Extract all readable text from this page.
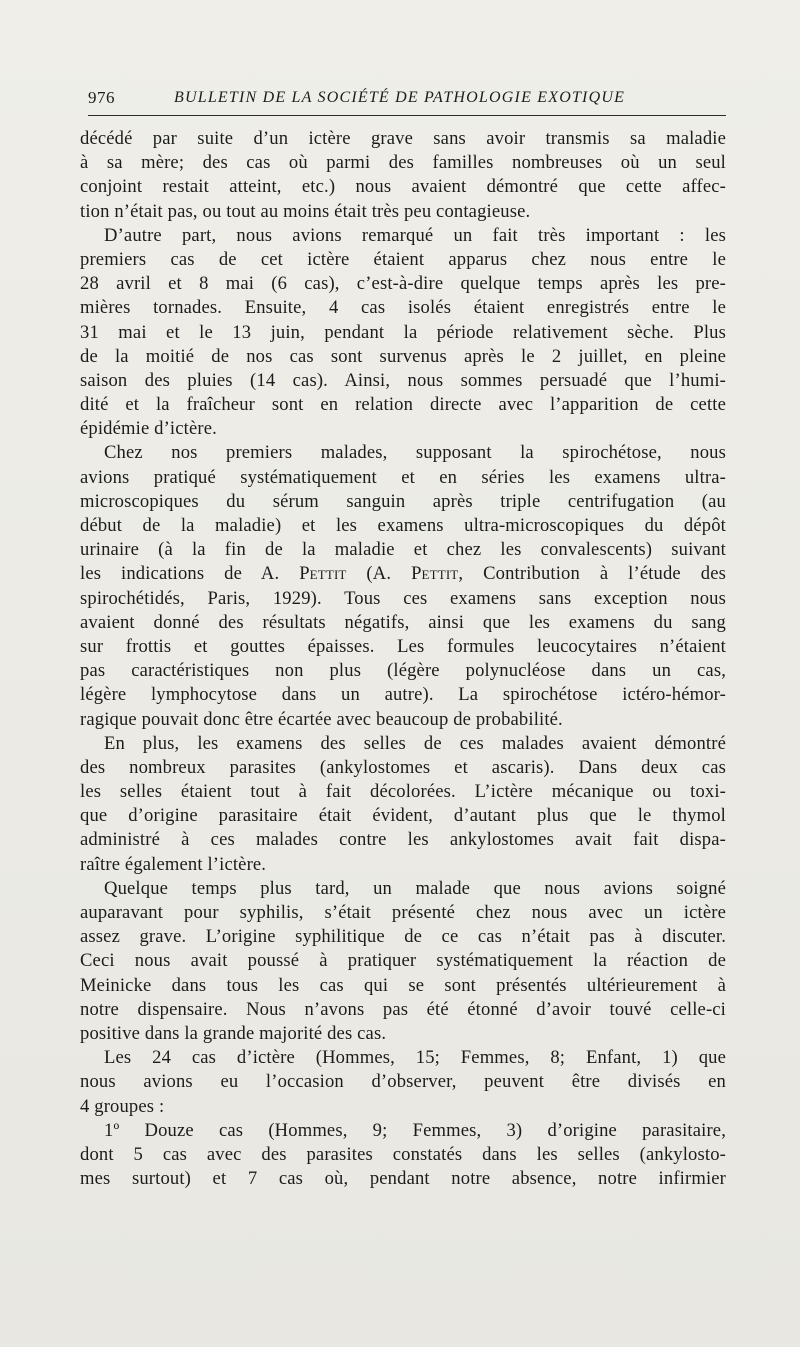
976	BULLETIN DE LA SOCIÉTÉ DE PATHOLOGIE EXOTIQUE
décédé par suite d’un ictère grave sans avoir transmis sa maladie
à sa mère; des cas où parmi des familles nombreuses où un seul
conjoint restait atteint, etc.) nous avaient démontré que cette affec-
tion n’était pas, ou tout au moins était très peu contagieuse.
D’autre part, nous avions remarqué un fait très important : les
premiers cas de cet ictère étaient apparus chez nous entre le
28 avril et 8 mai (6 cas), c’est-à-dire quelque temps après les pre-
mières tornades. Ensuite, 4 cas isolés étaient enregistrés entre le
31 mai et le 13 juin, pendant la période relativement sèche. Plus
de la moitié de nos cas sont survenus après le 2 juillet, en pleine
saison des pluies (14 cas). Ainsi, nous sommes persuadé que l’humi-
dité et la fraîcheur sont en relation directe avec l’apparition de cette
épidémie d’ictère.
Chez nos premiers malades, supposant la spirochétose, nous
avions pratiqué systématiquement et en séries les examens ultra-
microscopiques du sérum sanguin après triple centrifugation (au
début de la maladie) et les examens ultra-microscopiques du dépôt
urinaire (à la fin de la maladie et chez les convalescents) suivant
les indications de A. Pettit (A. Pettit, Contribution à l’étude des
spirochétidés, Paris, 1929). Tous ces examens sans exception nous
avaient donné des résultats négatifs, ainsi que les examens du sang
sur frottis et gouttes épaisses. Les formules leucocytaires n’étaient
pas caractéristiques non plus (légère polynucléose dans un cas,
légère lymphocytose dans un autre). La spirochétose ictéro-hémor-
ragique pouvait donc être écartée avec beaucoup de probabilité.
En plus, les examens des selles de ces malades avaient démontré
des nombreux parasites (ankylostomes et ascaris). Dans deux cas
les selles étaient tout à fait décolorées. L’ictère mécanique ou toxi-
que d’origine parasitaire était évident, d’autant plus que le thymol
administré à ces malades contre les ankylostomes avait fait dispa-
raître également l’ictère.
Quelque temps plus tard, un malade que nous avions soigné
auparavant pour syphilis, s’était présenté chez nous avec un ictère
assez grave. L’origine syphilitique de ce cas n’était pas à discuter.
Ceci nous avait poussé à pratiquer systématiquement la réaction de
Meinicke dans tous les cas qui se sont présentés ultérieurement à
notre dispensaire. Nous n’avons pas été étonné d’avoir touvé celle-ci
positive dans la grande majorité des cas.
Les 24 cas d’ictère (Hommes, 15; Femmes, 8; Enfant, 1) que
nous avions eu l’occasion d’observer, peuvent être divisés en
4 groupes :
1º Douze cas (Hommes, 9; Femmes, 3) d’origine parasitaire,
dont 5 cas avec des parasites constatés dans les selles (ankylosto-
mes surtout) et 7 cas où, pendant notre absence, notre infirmier
